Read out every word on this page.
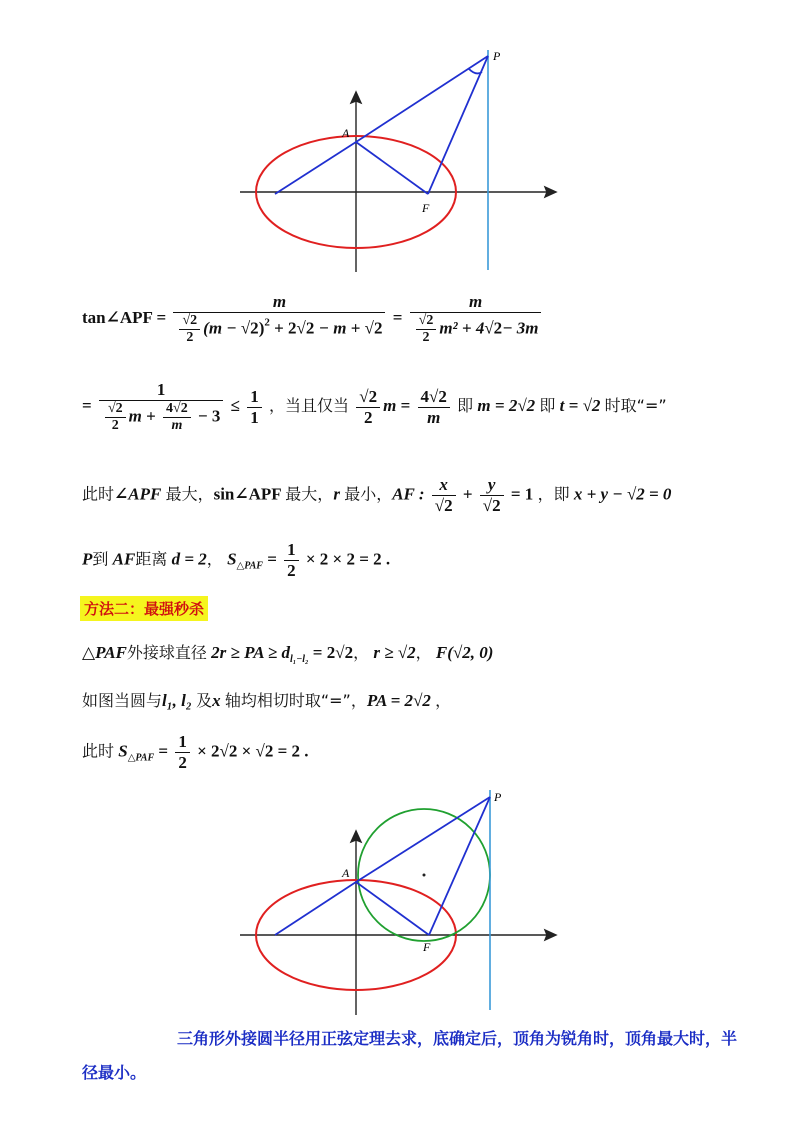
P
A
F
tan∠APF = $\frac{m}{\frac{√2}{2} (m - √2)^2 + 2√2 - m + √2} = \frac{m}{\frac{√2}{2} m^2 + 4√2- 3m}$
= $\frac{1}{\frac{√2}{2} m + \frac{4√2}{m} - 3} \le \frac{1}{1}$ ，当且仅当 $\frac{√2}{2}$ $m = \frac{4√2}{m}$ 即 m = 2√2 即 t = √2 时取“=”
此时∠APF 最大，sin∠APF 最大，r 最小，AF : $\frac{x}{√2} + \frac{y}{√2} = 1$ ，即 x + y − √2 = 0
P到 AF距离 d = 2， $S_{\triangle PAF} = \frac{1}{2} \times 2 \times 2 = 2$ .
方法二：最强秒杀
△PAF外接球直径 2r ≥ PA ≥ $d_{l_1-l_2} = 2√2$， r ≥ √2， F(√2, 0)
如图当圆与l₁, l₂ 及x 轴均相切时取“=”，PA = 2√2 ，
此时 $S_{\triangle PAF} = \frac{1}{2} \times 2√2 \times √2 = 2$ .
P
A
F
三角形外接圆半径用正弦定理去求，底确定后，顶角为锐角时，顶角最大时，半径最小。
